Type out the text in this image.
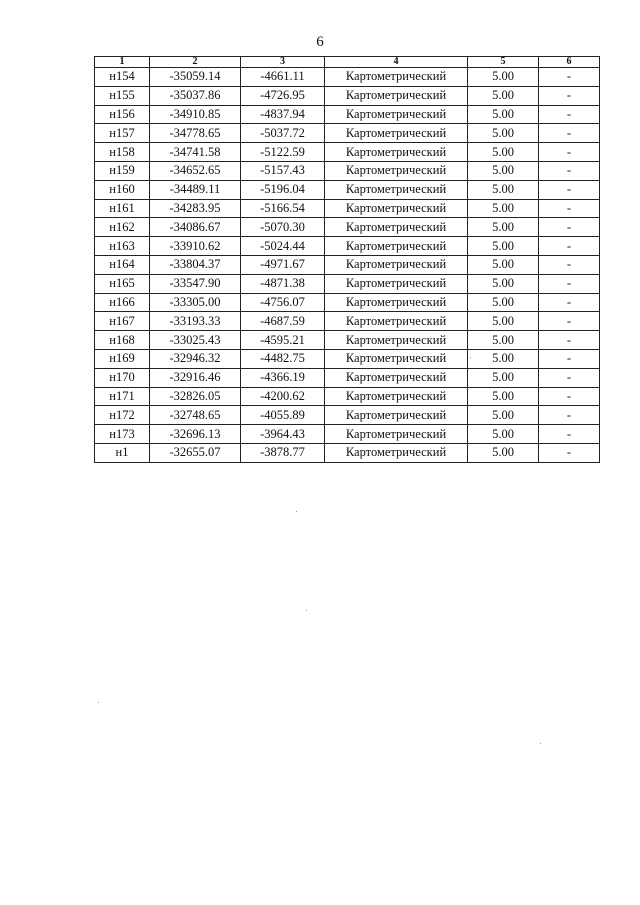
6
1	2	3	4	5	6
н154	-35059.14	-4661.11	Картометрический	5.00	-
н155	-35037.86	-4726.95	Картометрический	5.00	-
н156	-34910.85	-4837.94	Картометрический	5.00	-
н157	-34778.65	-5037.72	Картометрический	5.00	-
н158	-34741.58	-5122.59	Картометрический	5.00	-
н159	-34652.65	-5157.43	Картометрический	5.00	-
н160	-34489.11	-5196.04	Картометрический	5.00	-
н161	-34283.95	-5166.54	Картометрический	5.00	-
н162	-34086.67	-5070.30	Картометрический	5.00	-
н163	-33910.62	-5024.44	Картометрический	5.00	-
н164	-33804.37	-4971.67	Картометрический	5.00	-
н165	-33547.90	-4871.38	Картометрический	5.00	-
н166	-33305.00	-4756.07	Картометрический	5.00	-
н167	-33193.33	-4687.59	Картометрический	5.00	-
н168	-33025.43	-4595.21	Картометрический	5.00	-
н169	-32946.32	-4482.75	Картометрический	5.00	-
н170	-32916.46	-4366.19	Картометрический	5.00	-
н171	-32826.05	-4200.62	Картометрический	5.00	-
н172	-32748.65	-4055.89	Картометрический	5.00	-
н173	-32696.13	-3964.43	Картометрический	5.00	-
н1	-32655.07	-3878.77	Картометрический	5.00	-
